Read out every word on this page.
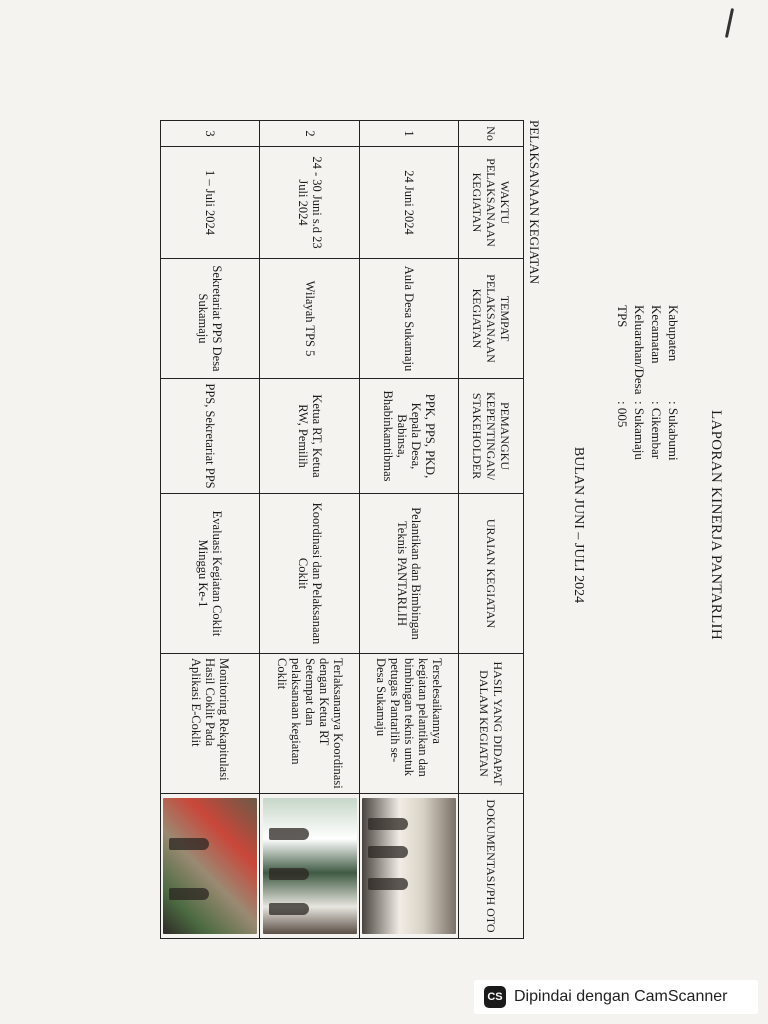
LAPORAN KINERJA PANTARLIH
Kabupaten
: Sukabumi
Kecamatan
: Cikembar
Keluarahan/Desa
: Sukamaju
TPS
: 005
BULAN JUNI – JULI 2024
PELAKSANAAN KEGIATAN
No	WAKTU PELAKSANAAN KEGIATAN	TEMPAT PELAKSANAAN KEGIATAN	PEMANGKU KEPENTINGAN/ STAKEHOLDER	URAIAN KEGIATAN	HASIL YANG DIDAPAT DALAM KEGIATAN	DOKUMENTASI/PH OTO
1	24 Juni 2024	Aula Desa Sukamaju	PPK, PPS, PKD, Kepala Desa, Babinsa, Bhabinkamtibmas	Pelantikan dan Bimbingan Teknis PANTARLIH	Terselesaikannya kegiatan pelantikan dan bimbingan teknis untuk petugas Pantarlih se- Desa Sukamaju	

2	24 - 30 Juni s.d 23 Juli 2024	Wilayah TPS 5	Ketua RT, Ketua RW, Pemilih	Koordinasi dan Pelaksanaan Coklit	Terlaksananya Koordinasi dengan Ketua RT Setempat dan pelaksanaan kegiatan Coklit	

3	1 – Juli 2024	Sekretariat PPS Desa Sukamaju	PPS, Sekretariat PPS	Evaluasi Kegiatan Coklit Minggu Ke-1	Monitoring Rekapitulasi Hasil Coklit Pada Aplikasi E-Coklit	
CS Dipindai dengan CamScanner
